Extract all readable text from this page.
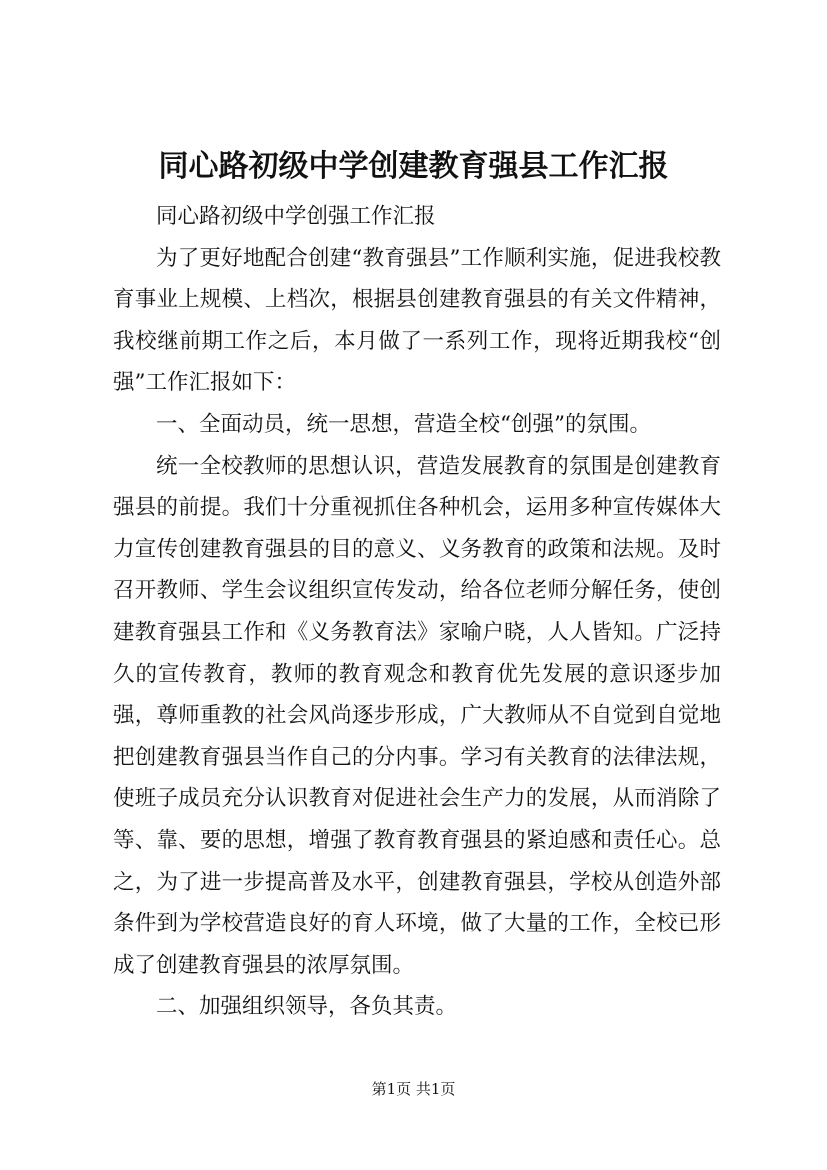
同心路初级中学创建教育强县工作汇报

同心路初级中学创强工作汇报

为了更好地配合创建“教育强县”工作顺利实施，促进我校教育事业上规模、上档次，根据县创建教育强县的有关文件精神，我校继前期工作之后，本月做了一系列工作，现将近期我校“创强”工作汇报如下：

一、全面动员，统一思想，营造全校“创强”的氛围。

统一全校教师的思想认识，营造发展教育的氛围是创建教育强县的前提。我们十分重视抓住各种机会，运用多种宣传媒体大力宣传创建教育强县的目的意义、义务教育的政策和法规。及时召开教师、学生会议组织宣传发动，给各位老师分解任务，使创建教育强县工作和《义务教育法》家喻户晓，人人皆知。广泛持久的宣传教育，教师的教育观念和教育优先发展的意识逐步加强，尊师重教的社会风尚逐步形成，广大教师从不自觉到自觉地把创建教育强县当作自己的分内事。学习有关教育的法律法规，使班子成员充分认识教育对促进社会生产力的发展，从而消除了等、靠、要的思想，增强了教育教育强县的紧迫感和责任心。总之，为了进一步提高普及水平，创建教育强县，学校从创造外部条件到为学校营造良好的育人环境，做了大量的工作，全校已形成了创建教育强县的浓厚氛围。

二、加强组织领导，各负其责。

第1页 共1页
